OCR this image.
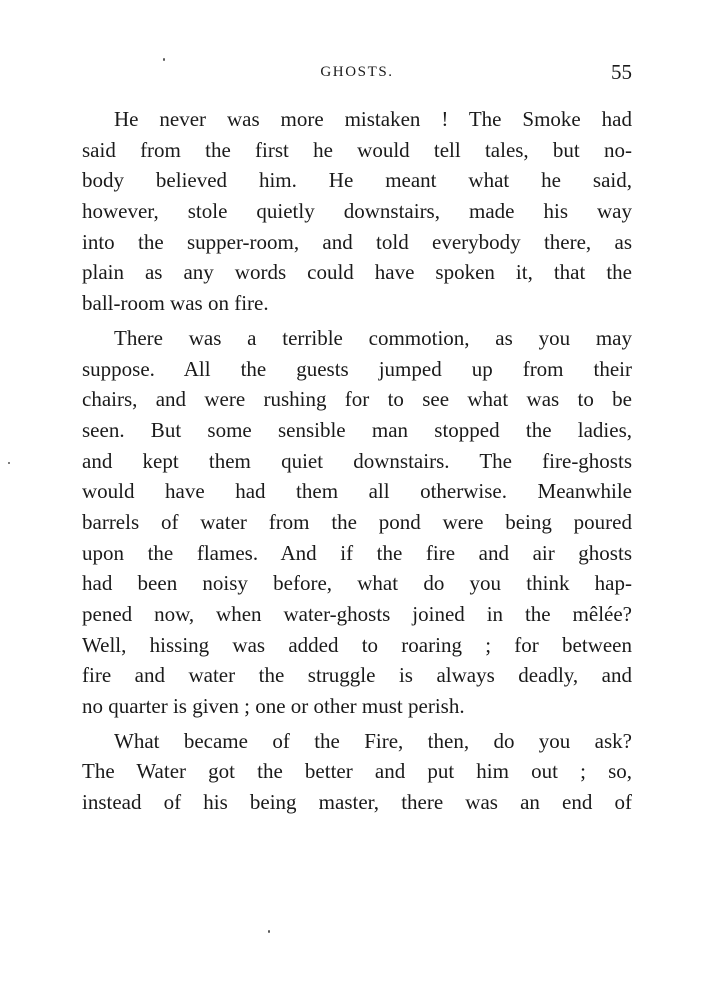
GHOSTS.	55
He never was more mistaken ! The Smoke had
said from the first he would tell tales, but no-
body believed him. He meant what he said,
however, stole quietly downstairs, made his way
into the supper-room, and told everybody there, as
plain as any words could have spoken it, that the
ball-room was on fire.
There was a terrible commotion, as you may
suppose. All the guests jumped up from their
chairs, and were rushing for to see what was to be
seen. But some sensible man stopped the ladies,
and kept them quiet downstairs. The fire-ghosts
would have had them all otherwise. Meanwhile
barrels of water from the pond were being poured
upon the flames. And if the fire and air ghosts
had been noisy before, what do you think hap-
pened now, when water-ghosts joined in the mêlée?
Well, hissing was added to roaring ; for between
fire and water the struggle is always deadly, and
no quarter is given ; one or other must perish.
What became of the Fire, then, do you ask?
The Water got the better and put him out ; so,
instead of his being master, there was an end of
